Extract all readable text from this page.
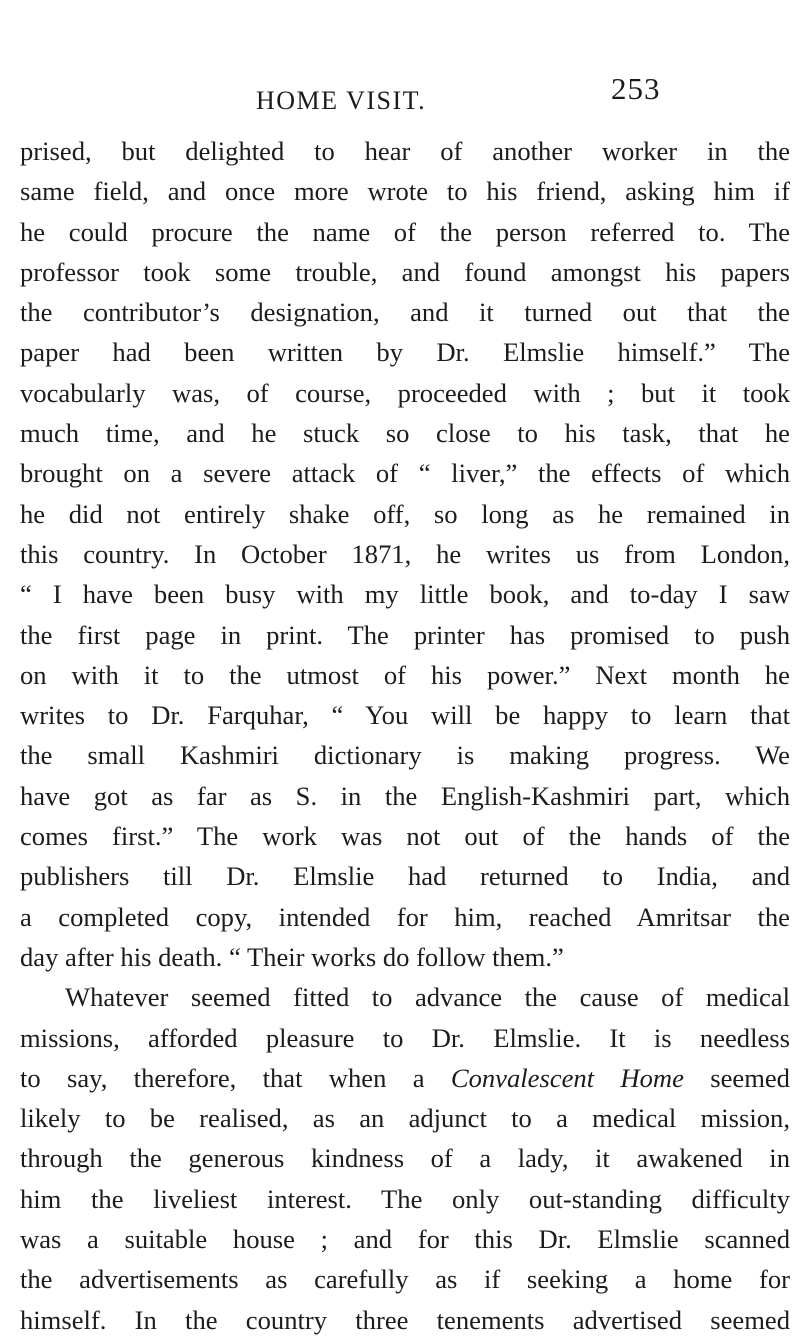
HOME VISIT.	253
prised, but delighted to hear of another worker in the
same field, and once more wrote to his friend, asking him if
he could procure the name of the person referred to. The
professor took some trouble, and found amongst his papers
the contributor’s designation, and it turned out that the
paper had been written by Dr. Elmslie himself.” The
vocabularly was, of course, proceeded with ; but it took
much time, and he stuck so close to his task, that he
brought on a severe attack of “ liver,” the effects of which
he did not entirely shake off, so long as he remained in
this country. In October 1871, he writes us from London,
“ I have been busy with my little book, and to-day I saw
the first page in print. The printer has promised to push
on with it to the utmost of his power.” Next month he
writes to Dr. Farquhar, “ You will be happy to learn that
the small Kashmiri dictionary is making progress. We
have got as far as S. in the English-Kashmiri part, which
comes first.” The work was not out of the hands of the
publishers till Dr. Elmslie had returned to India, and
a completed copy, intended for him, reached Amritsar the
day after his death. “ Their works do follow them.”
Whatever seemed fitted to advance the cause of medical
missions, afforded pleasure to Dr. Elmslie. It is needless
to say, therefore, that when a Convalescent Home seemed
likely to be realised, as an adjunct to a medical mission,
through the generous kindness of a lady, it awakened in
him the liveliest interest. The only out-standing difficulty
was a suitable house ; and for this Dr. Elmslie scanned
the advertisements as carefully as if seeking a home for
himself. In the country three tenements advertised seemed
